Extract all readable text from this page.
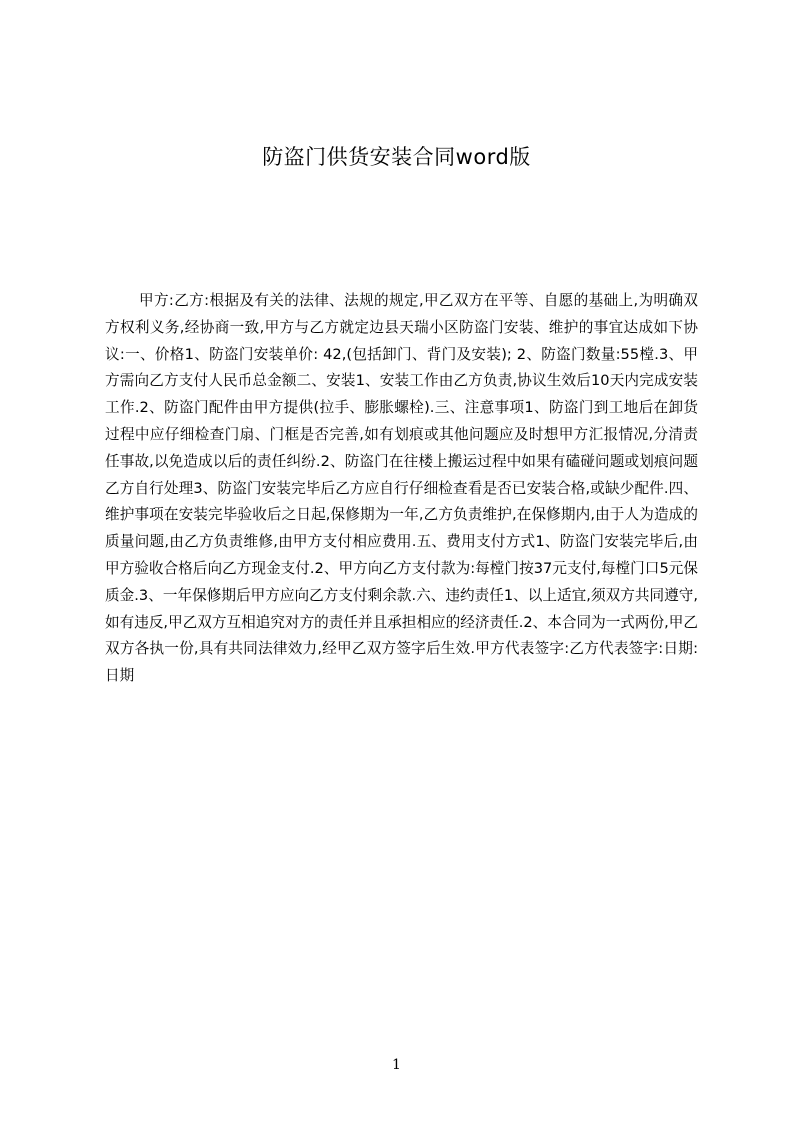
防盗门供货安装合同word版

甲方:乙方:根据及有关的法律、法规的规定,甲乙双方在平等、自愿的基础上,为明确双方权利义务,经协商一致,甲方与乙方就定边县天瑞小区防盗门安装、维护的事宜达成如下协议:一、价格1、防盗门安装单价: 42,(包括卸门、背门及安装); 2、防盗门数量:55樘.3、甲方需向乙方支付人民币总金额二、安装1、安装工作由乙方负责,协议生效后10天内完成安装工作.2、防盗门配件由甲方提供(拉手、膨胀螺栓).三、注意事项1、防盗门到工地后在卸货过程中应仔细检查门扇、门框是否完善,如有划痕或其他问题应及时想甲方汇报情况,分清责任事故,以免造成以后的责任纠纷.2、防盗门在往楼上搬运过程中如果有磕碰问题或划痕问题乙方自行处理3、防盗门安装完毕后乙方应自行仔细检查看是否已安装合格,或缺少配件.四、维护事项在安装完毕验收后之日起,保修期为一年,乙方负责维护,在保修期内,由于人为造成的质量问题,由乙方负责维修,由甲方支付相应费用.五、费用支付方式1、防盗门安装完毕后,由甲方验收合格后向乙方现金支付.2、甲方向乙方支付款为:每樘门按37元支付,每樘门口5元保质金.3、一年保修期后甲方应向乙方支付剩余款.六、违约责任1、以上适宜,须双方共同遵守,如有违反,甲乙双方互相追究对方的责任并且承担相应的经济责任.2、本合同为一式两份,甲乙双方各执一份,具有共同法律效力,经甲乙双方签字后生效.甲方代表签字:乙方代表签字:日期:日期

1
